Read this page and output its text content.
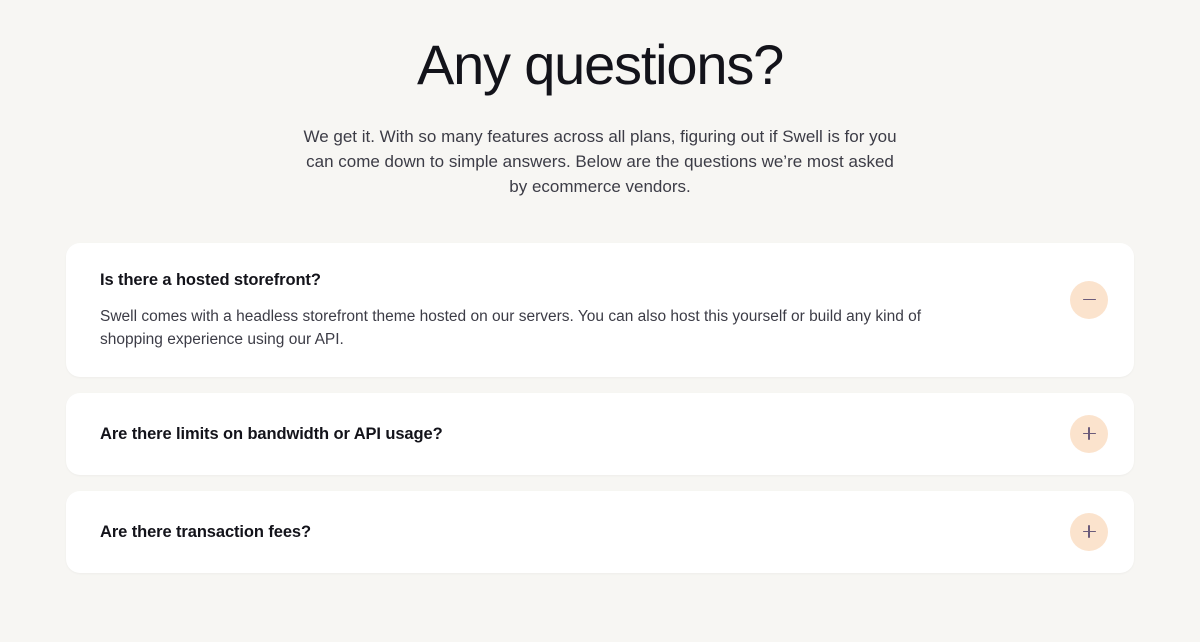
Any questions?

We get it. With so many features across all plans, figuring out if Swell is for you can come down to simple answers. Below are the questions we’re most asked by ecommerce vendors.

Is there a hosted storefront?

Swell comes with a headless storefront theme hosted on our servers. You can also host this yourself or build any kind of shopping experience using our API.

Are there limits on bandwidth or API usage?
Are there transaction fees?
